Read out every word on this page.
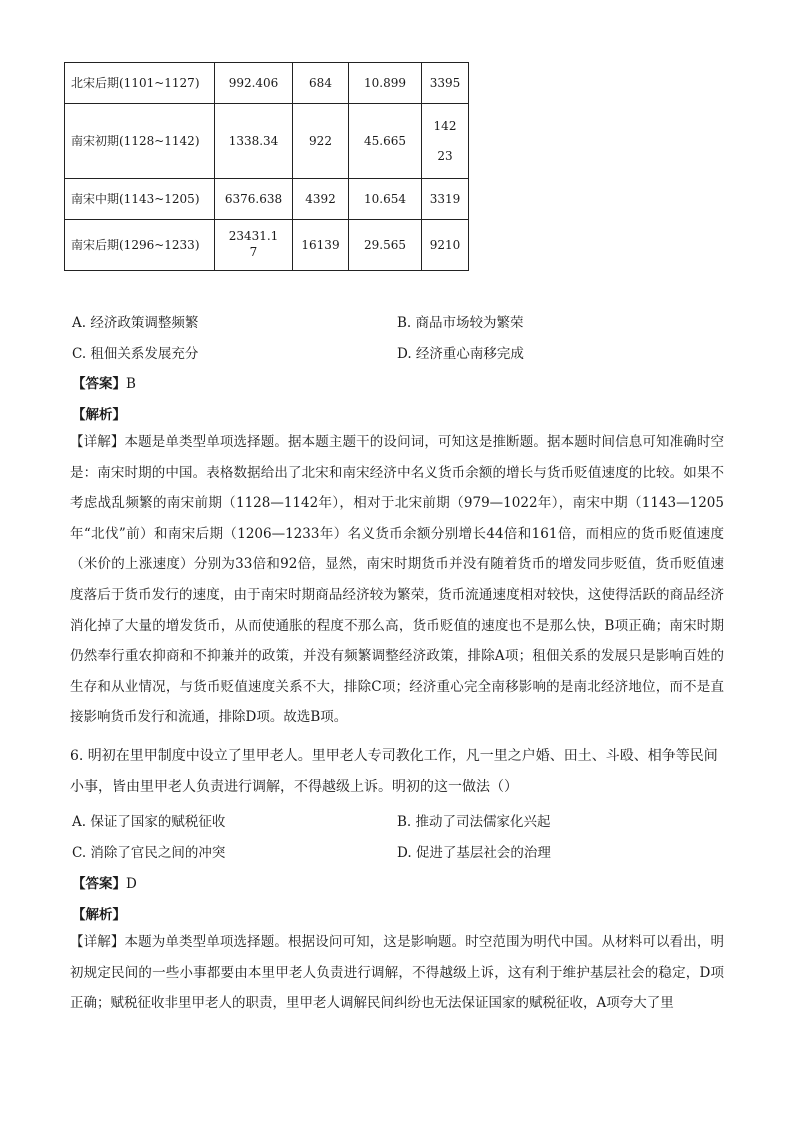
北宋后期(1101~1127)	992.406	684	10.899	3395
南宋初期(1128~1142)	1338.34	922	45.665	14223
南宋中期(1143~1205)	6376.638	4392	10.654	3319
南宋后期(1296~1233)	23431.17	16139	29.565	9210
A. 经济政策调整频繁	B. 商品市场较为繁荣
C. 租佃关系发展充分	D. 经济重心南移完成
【答案】B
【解析】
【详解】本题是单类型单项选择题。据本题主题干的设问词，可知这是推断题。据本题时间信息可知准确时空是：南宋时期的中国。表格数据给出了北宋和南宋经济中名义货币余额的增长与货币贬值速度的比较。如果不考虑战乱频繁的南宋前期（1128—1142年），相对于北宋前期（979—1022年），南宋中期（1143—1205年“北伐”前）和南宋后期（1206—1233年）名义货币余额分别增长44倍和161倍，而相应的货币贬值速度（米价的上涨速度）分别为33倍和92倍，显然，南宋时期货币并没有随着货币的增发同步贬值，货币贬值速度落后于货币发行的速度，由于南宋时期商品经济较为繁荣，货币流通速度相对较快，这使得活跃的商品经济消化掉了大量的增发货币，从而使通胀的程度不那么高，货币贬值的速度也不是那么快，B项正确；南宋时期仍然奉行重农抑商和不抑兼并的政策，并没有频繁调整经济政策，排除A项；租佃关系的发展只是影响百姓的生存和从业情况，与货币贬值速度关系不大，排除C项；经济重心完全南移影响的是南北经济地位，而不是直接影响货币发行和流通，排除D项。故选B项。
6. 明初在里甲制度中设立了里甲老人。里甲老人专司教化工作，凡一里之户婚、田土、斗殴、相争等民间小事，皆由里甲老人负责进行调解，不得越级上诉。明初的这一做法（）
A. 保证了国家的赋税征收	B. 推动了司法儒家化兴起
C. 消除了官民之间的冲突	D. 促进了基层社会的治理
【答案】D
【解析】
【详解】本题为单类型单项选择题。根据设问可知，这是影响题。时空范围为明代中国。从材料可以看出，明初规定民间的一些小事都要由本里甲老人负责进行调解，不得越级上诉，这有利于维护基层社会的稳定，D项正确；赋税征收非里甲老人的职责，里甲老人调解民间纠纷也无法保证国家的赋税征收，A项夸大了里
